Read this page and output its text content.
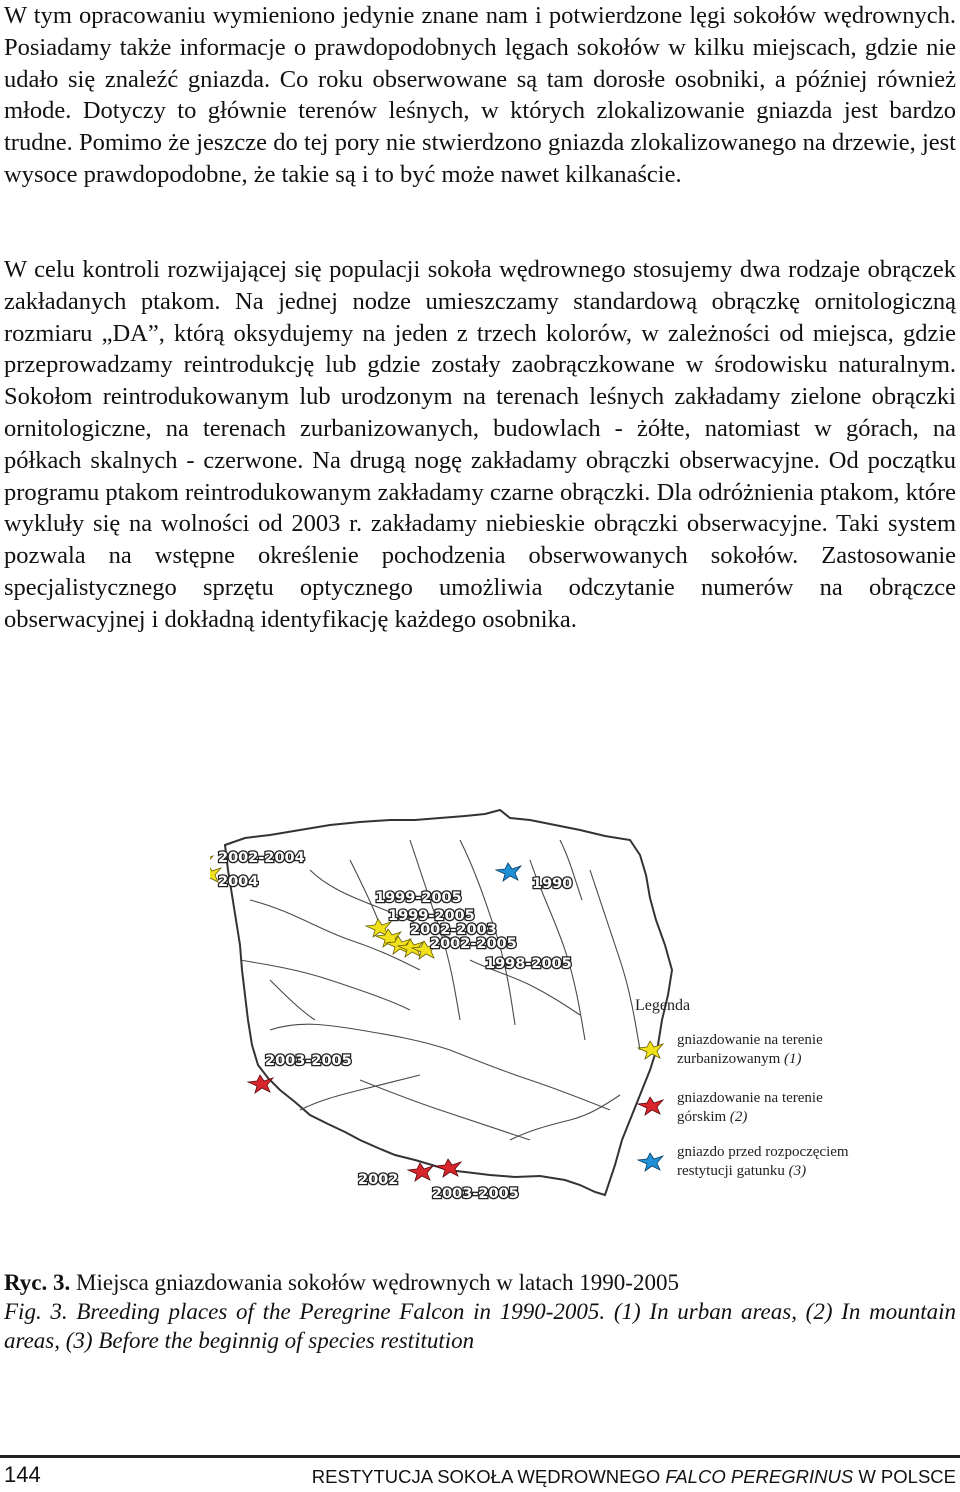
W tym opracowaniu wymieniono jedynie znane nam i potwierdzone lęgi sokołów wędrownych. Posiadamy także informacje o prawdopodobnych lęgach sokołów w kilku miejscach, gdzie nie udało się znaleźć gniazda. Co roku obserwowane są tam dorosłe osobniki, a później również młode. Dotyczy to głównie terenów leśnych, w których zlokalizowanie gniazda jest bardzo trudne. Pomimo że jeszcze do tej pory nie stwierdzono gniazda zlokalizowanego na drzewie, jest wysoce prawdopodobne, że takie są i to być może nawet kilkanaście.

W celu kontroli rozwijającej się populacji sokoła wędrownego stosujemy dwa rodzaje obrączek zakładanych ptakom. Na jednej nodze umieszczamy standardową obrączkę ornitologiczną rozmiaru „DA”, którą oksydujemy na jeden z trzech kolorów, w zależności od miejsca, gdzie przeprowadzamy reintrodukcję lub gdzie zostały zaobrączkowane w środowisku naturalnym. Sokołom reintrodukowanym lub urodzonym na terenach leśnych zakładamy zielone obrączki ornitologiczne, na terenach zurbanizowanych, budowlach - żółte, natomiast w górach, na półkach skalnych - czerwone. Na drugą nogę zakładamy obrączki obserwacyjne. Od początku programu ptakom reintrodukowanym zakładamy czarne obrączki. Dla odróżnienia ptakom, które wykluły się na wolności od 2003 r. zakładamy niebieskie obrączki obserwacyjne. Taki system pozwala na wstępne określenie pochodzenia obserwowanych sokołów. Zastosowanie specjalistycznego sprzętu optycznego umożliwia odczytanie numerów na obrączce obserwacyjnej i dokładną identyfikację każdego osobnika.

2002-2004
2004	1990
1999-2005
1999-2005
2002-2003
2002-2005
1998-2005
2003-2005
2002
2003-2005
Legenda
gniazdowanie na terenie
zurbanizowanym (1)
gniazdowanie na terenie
górskim (2)
gniazdo przed rozpoczęciem
restytucji gatunku (3)
Ryc. 3. Miejsca gniazdowania sokołów wędrownych w latach 1990-2005
Fig. 3. Breeding places of the Peregrine Falcon in 1990-2005. (1) In urban areas, (2) In mountain areas, (3) Before the beginnig of species restitution
144	RESTYTUCJA SOKOŁA WĘDROWNEGO FALCO PEREGRINUS W POLSCE
